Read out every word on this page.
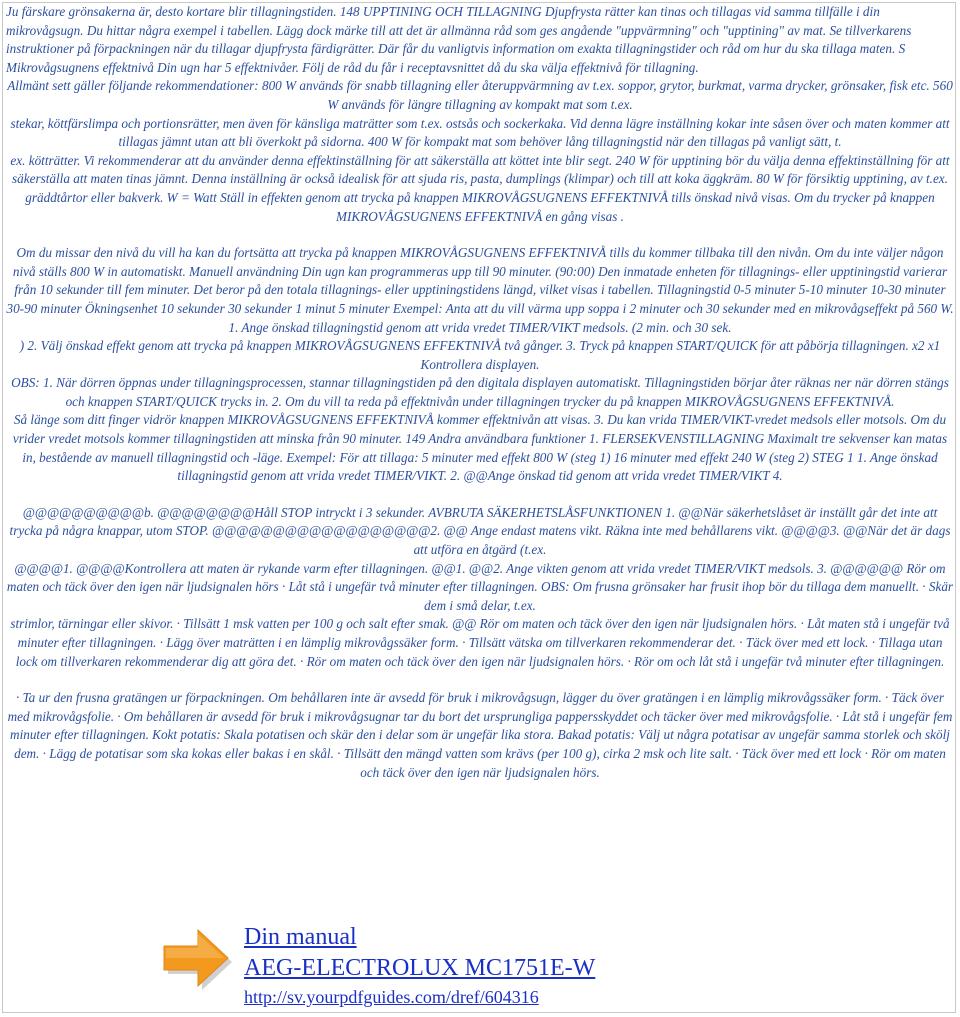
Ju färskare grönsakerna är, desto kortare blir tillagningstiden. 148 UPPTINING OCH TILLAGNING Djupfrysta rätter kan tinas och tillagas vid samma tillfälle i din mikrovågsugn. Du hittar några exempel i tabellen. Lägg dock märke till att det är allmänna råd som ges angående "uppvärmning" och "upptining" av mat. Se tillverkarens instruktioner på förpackningen när du tillagar djupfrysta färdigrätter. Där får du vanligtvis information om exakta tillagningstider och råd om hur du ska tillaga maten. S Mikrovågsugnens effektnivå Din ugn har 5 effektnivåer. Följ de råd du får i receptavsnittet då du ska välja effektnivå för tillagning.

Allmänt sett gäller följande rekommendationer: 800 W används för snabb tillagning eller återuppvärmning av t.ex. soppor, grytor, burkmat, varma drycker, grönsaker, fisk etc. 560 W används för längre tillagning av kompakt mat som t.ex.

stekar, köttfärslimpa och portionsrätter, men även för känsliga maträtter som t.ex. ostsås och sockerkaka. Vid denna lägre inställning kokar inte såsen över och maten kommer att tillagas jämnt utan att bli överkokt på sidorna. 400 W för kompakt mat som behöver lång tillagningstid när den tillagas på vanligt sätt, t.

ex. kötträtter. Vi rekommenderar att du använder denna effektinställning för att säkerställa att köttet inte blir segt. 240 W för upptining bör du välja denna effektinställning för att säkerställa att maten tinas jämnt. Denna inställning är också idealisk för att sjuda ris, pasta, dumplings (klimpar) och till att koka äggkräm. 80 W för försiktig upptining, av t.ex. gräddtårtor eller bakverk. W = Watt Ställ in effekten genom att trycka på knappen MIKROVÅGSUGNENS EFFEKTNIVÅ tills önskad nivå visas. Om du trycker på knappen MIKROVÅGSUGNENS EFFEKTNIVÅ en gång visas .

Om du missar den nivå du vill ha kan du fortsätta att trycka på knappen MIKROVÅGSUGNENS EFFEKTNIVÅ tills du kommer tillbaka till den nivån. Om du inte väljer någon nivå ställs 800 W in automatiskt. Manuell användning Din ugn kan programmeras upp till 90 minuter. (90:00) Den inmatade enheten för tillagnings- eller upptiningstid varierar från 10 sekunder till fem minuter. Det beror på den totala tillagnings- eller upptiningstidens längd, vilket visas i tabellen. Tillagningstid 0-5 minuter 5-10 minuter 10-30 minuter 30-90 minuter Ökningsenhet 10 sekunder 30 sekunder 1 minut 5 minuter Exempel: Anta att du vill värma upp soppa i 2 minuter och 30 sekunder med en mikrovågseffekt på 560 W. 1. Ange önskad tillagningstid genom att vrida vredet TIMER/VIKT medsols. (2 min. och 30 sek.

) 2. Välj önskad effekt genom att trycka på knappen MIKROVÅGSUGNENS EFFEKTNIVÅ två gånger. 3. Tryck på knappen START/QUICK för att påbörja tillagningen. x2 x1 Kontrollera displayen.

OBS: 1. När dörren öppnas under tillagningsprocessen, stannar tillagningstiden på den digitala displayen automatiskt. Tillagningstiden börjar åter räknas ner när dörren stängs och knappen START/QUICK trycks in. 2. Om du vill ta reda på effektnivån under tillagningen trycker du på knappen MIKROVÅGSUGNENS EFFEKTNIVÅ.

Så länge som ditt finger vidrör knappen MIKROVÅGSUGNENS EFFEKTNIVÅ kommer effektnivån att visas. 3. Du kan vrida TIMER/VIKT-vredet medsols eller motsols. Om du vrider vredet motsols kommer tillagningstiden att minska från 90 minuter. 149 Andra användbara funktioner 1. FLERSEKVENSTILLAGNING Maximalt tre sekvenser kan matas in, bestående av manuell tillagningstid och -läge. Exempel: För att tillaga: 5 minuter med effekt 800 W (steg 1) 16 minuter med effekt 240 W (steg 2) STEG 1 1. Ange önskad tillagningstid genom att vrida vredet TIMER/VIKT. 2. @@Ange önskad tid genom att vrida vredet TIMER/VIKT 4.

@@@@@@@@@@b. @@@@@@@@Håll STOP intryckt i 3 sekunder. AVBRUTA SÄKERHETSLÅSFUNKTIONEN 1. @@När säkerhetslåset är inställt går det inte att trycka på några knappar, utom STOP. @@@@@@@@@@@@@@@@@@2. @@ Ange endast matens vikt. Räkna inte med behållarens vikt. @@@@3. @@När det är dags att utföra en åtgärd (t.ex.

@@@@1. @@@@Kontrollera att maten är rykande varm efter tillagningen. @@1. @@2. Ange vikten genom att vrida vredet TIMER/VIKT medsols. 3. @@@@@@ Rör om maten och täck över den igen när ljudsignalen hörs · Låt stå i ungefär två minuter efter tillagningen. OBS: Om frusna grönsaker har frusit ihop bör du tillaga dem manuellt. · Skär dem i små delar, t.ex.

strimlor, tärningar eller skivor. · Tillsätt 1 msk vatten per 100 g och salt efter smak. @@ Rör om maten och täck över den igen när ljudsignalen hörs. · Låt maten stå i ungefär två minuter efter tillagningen. · Lägg över maträtten i en lämplig mikrovågssäker form. · Tillsätt vätska om tillverkaren rekommenderar det. · Täck över med ett lock. · Tillaga utan lock om tillverkaren rekommenderar dig att göra det. · Rör om maten och täck över den igen när ljudsignalen hörs. · Rör om och låt stå i ungefär två minuter efter tillagningen.

· Ta ur den frusna gratängen ur förpackningen. Om behållaren inte är avsedd för bruk i mikrovågsugn, lägger du över gratängen i en lämplig mikrovågssäker form. · Täck över med mikrovågsfolie. · Om behållaren är avsedd för bruk i mikrovågsugnar tar du bort det ursprungliga pappersskyddet och täcker över med mikrovågsfolie. · Låt stå i ungefär fem minuter efter tillagningen. Kokt potatis: Skala potatisen och skär den i delar som är ungefär lika stora. Bakad potatis: Välj ut några potatisar av ungefär samma storlek och skölj dem. · Lägg de potatisar som ska kokas eller bakas i en skål. · Tillsätt den mängd vatten som krävs (per 100 g), cirka 2 msk och lite salt. · Täck över med ett lock · Rör om maten och täck över den igen när ljudsignalen hörs.

Din manual
AEG-ELECTROLUX MC1751E-W
http://sv.yourpdfguides.com/dref/604316
